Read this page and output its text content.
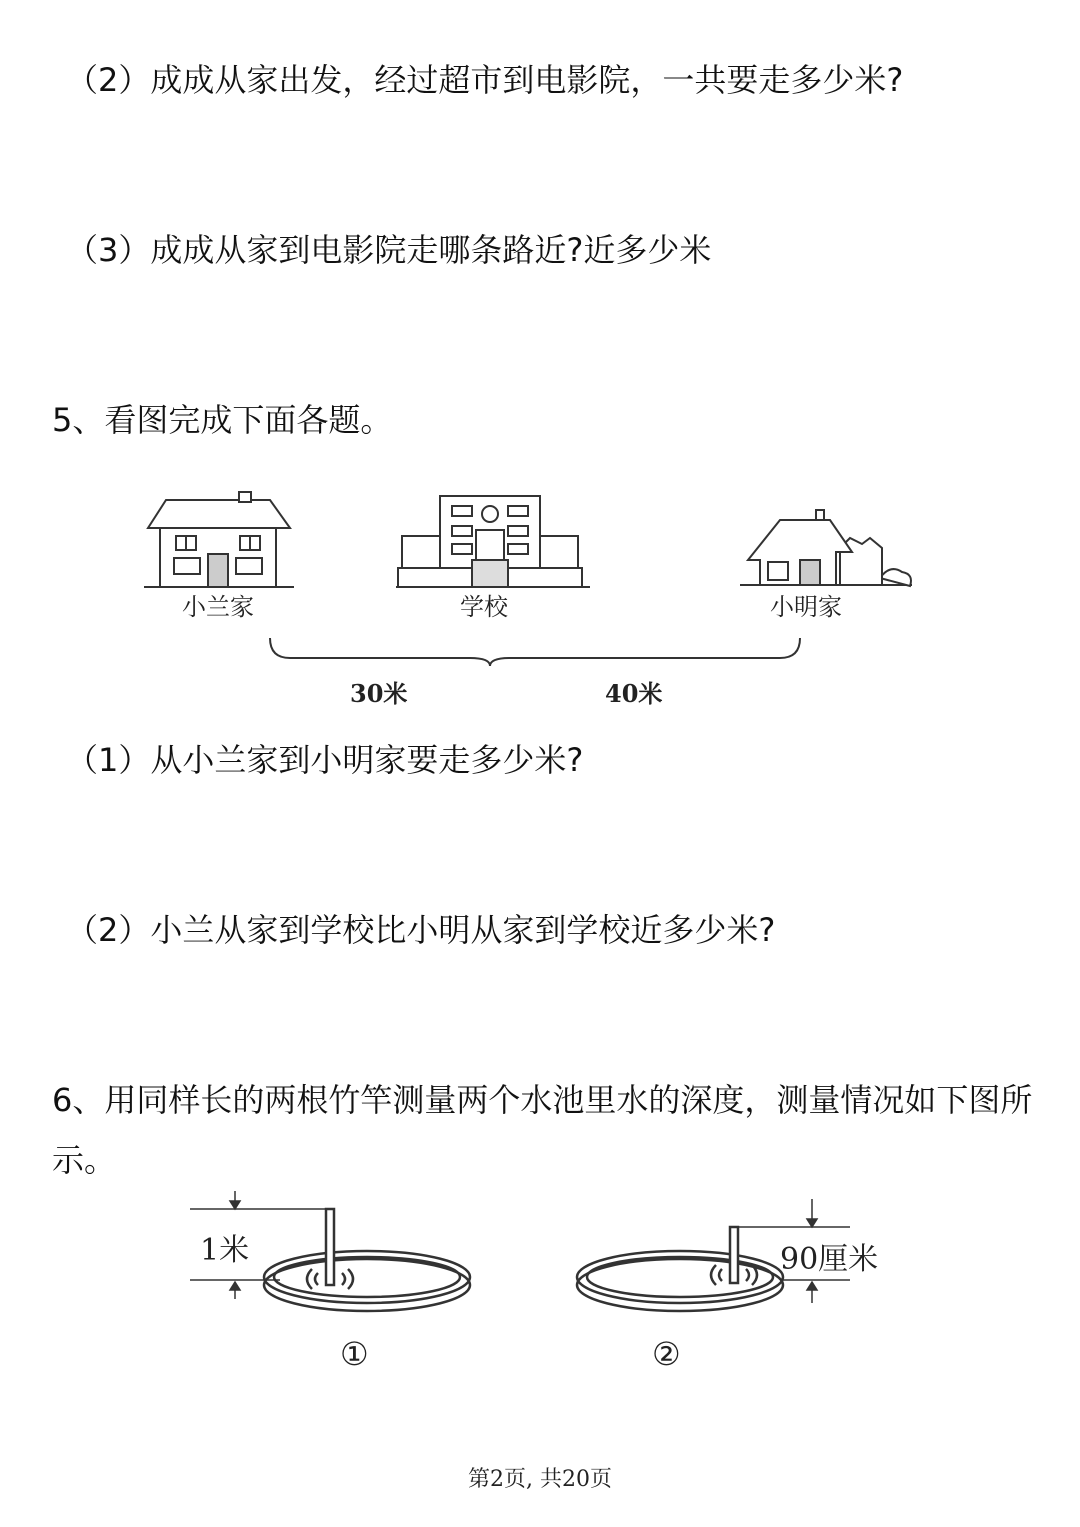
（2）成成从家出发，经过超市到电影院，一共要走多少米?
（3）成成从家到电影院走哪条路近?近多少米
5、看图完成下面各题。
小兰家	学校	小明家
30米	40米
（1）从小兰家到小明家要走多少米?
（2）小兰从家到学校比小明从家到学校近多少米?
6、用同样长的两根竹竿测量两个水池里水的深度，测量情况如下图所示。
1米
①
90厘米
②
第2页, 共20页
